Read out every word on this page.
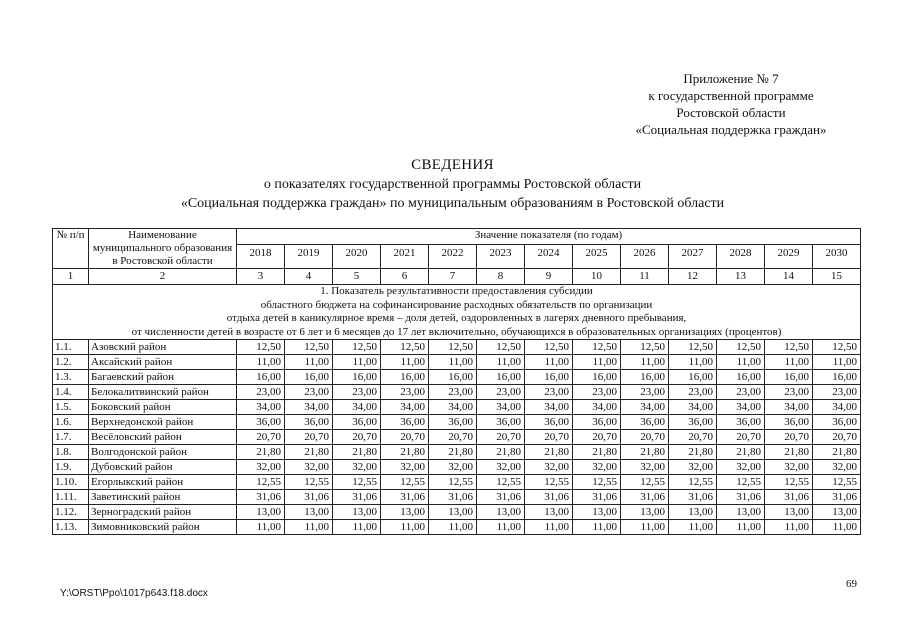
Приложение № 7
к государственной программе
Ростовской области
«Социальная поддержка граждан»
СВЕДЕНИЯ
о показателях государственной программы Ростовской области
«Социальная поддержка граждан» по муниципальным образованиям в Ростовской области
№ п/п	Наименование муниципального образования в Ростовской области	Значение показателя (по годам)												
		2018	2019	2020	2021	2022	2023	2024	2025	2026	2027	2028	2029	2030
1	2	3	4	5	6	7	8	9	10	11	12	13	14	15

1. Показатель результативности предоставления субсидии
областного бюджета на софинансирование расходных обязательств по организации
отдыха детей в каникулярное время – доля детей, оздоровленных в лагерях дневного пребывания,
от численности детей в возрасте от 6 лет и 6 месяцев до 17 лет включительно, обучающихся в образовательных организациях (процентов)														

1.1.	Азовский район	12,50	12,50	12,50	12,50	12,50	12,50	12,50	12,50	12,50	12,50	12,50	12,50	12,50
1.2.	Аксайский район	11,00	11,00	11,00	11,00	11,00	11,00	11,00	11,00	11,00	11,00	11,00	11,00	11,00
1.3.	Багаевский район	16,00	16,00	16,00	16,00	16,00	16,00	16,00	16,00	16,00	16,00	16,00	16,00	16,00
1.4.	Белокалитвинский район	23,00	23,00	23,00	23,00	23,00	23,00	23,00	23,00	23,00	23,00	23,00	23,00	23,00
1.5.	Боковский район	34,00	34,00	34,00	34,00	34,00	34,00	34,00	34,00	34,00	34,00	34,00	34,00	34,00
1.6.	Верхнедонской район	36,00	36,00	36,00	36,00	36,00	36,00	36,00	36,00	36,00	36,00	36,00	36,00	36,00
1.7.	Весёловский район	20,70	20,70	20,70	20,70	20,70	20,70	20,70	20,70	20,70	20,70	20,70	20,70	20,70
1.8.	Волгодонской район	21,80	21,80	21,80	21,80	21,80	21,80	21,80	21,80	21,80	21,80	21,80	21,80	21,80
1.9.	Дубовский район	32,00	32,00	32,00	32,00	32,00	32,00	32,00	32,00	32,00	32,00	32,00	32,00	32,00
1.10.	Егорлыкский район	12,55	12,55	12,55	12,55	12,55	12,55	12,55	12,55	12,55	12,55	12,55	12,55	12,55
1.11.	Заветинский район	31,06	31,06	31,06	31,06	31,06	31,06	31,06	31,06	31,06	31,06	31,06	31,06	31,06
1.12.	Зерноградский район	13,00	13,00	13,00	13,00	13,00	13,00	13,00	13,00	13,00	13,00	13,00	13,00	13,00
1.13.	Зимовниковский район	11,00	11,00	11,00	11,00	11,00	11,00	11,00	11,00	11,00	11,00	11,00	11,00	11,00
69
Y:\ORST\Ppo\1017p643.f18.docx
